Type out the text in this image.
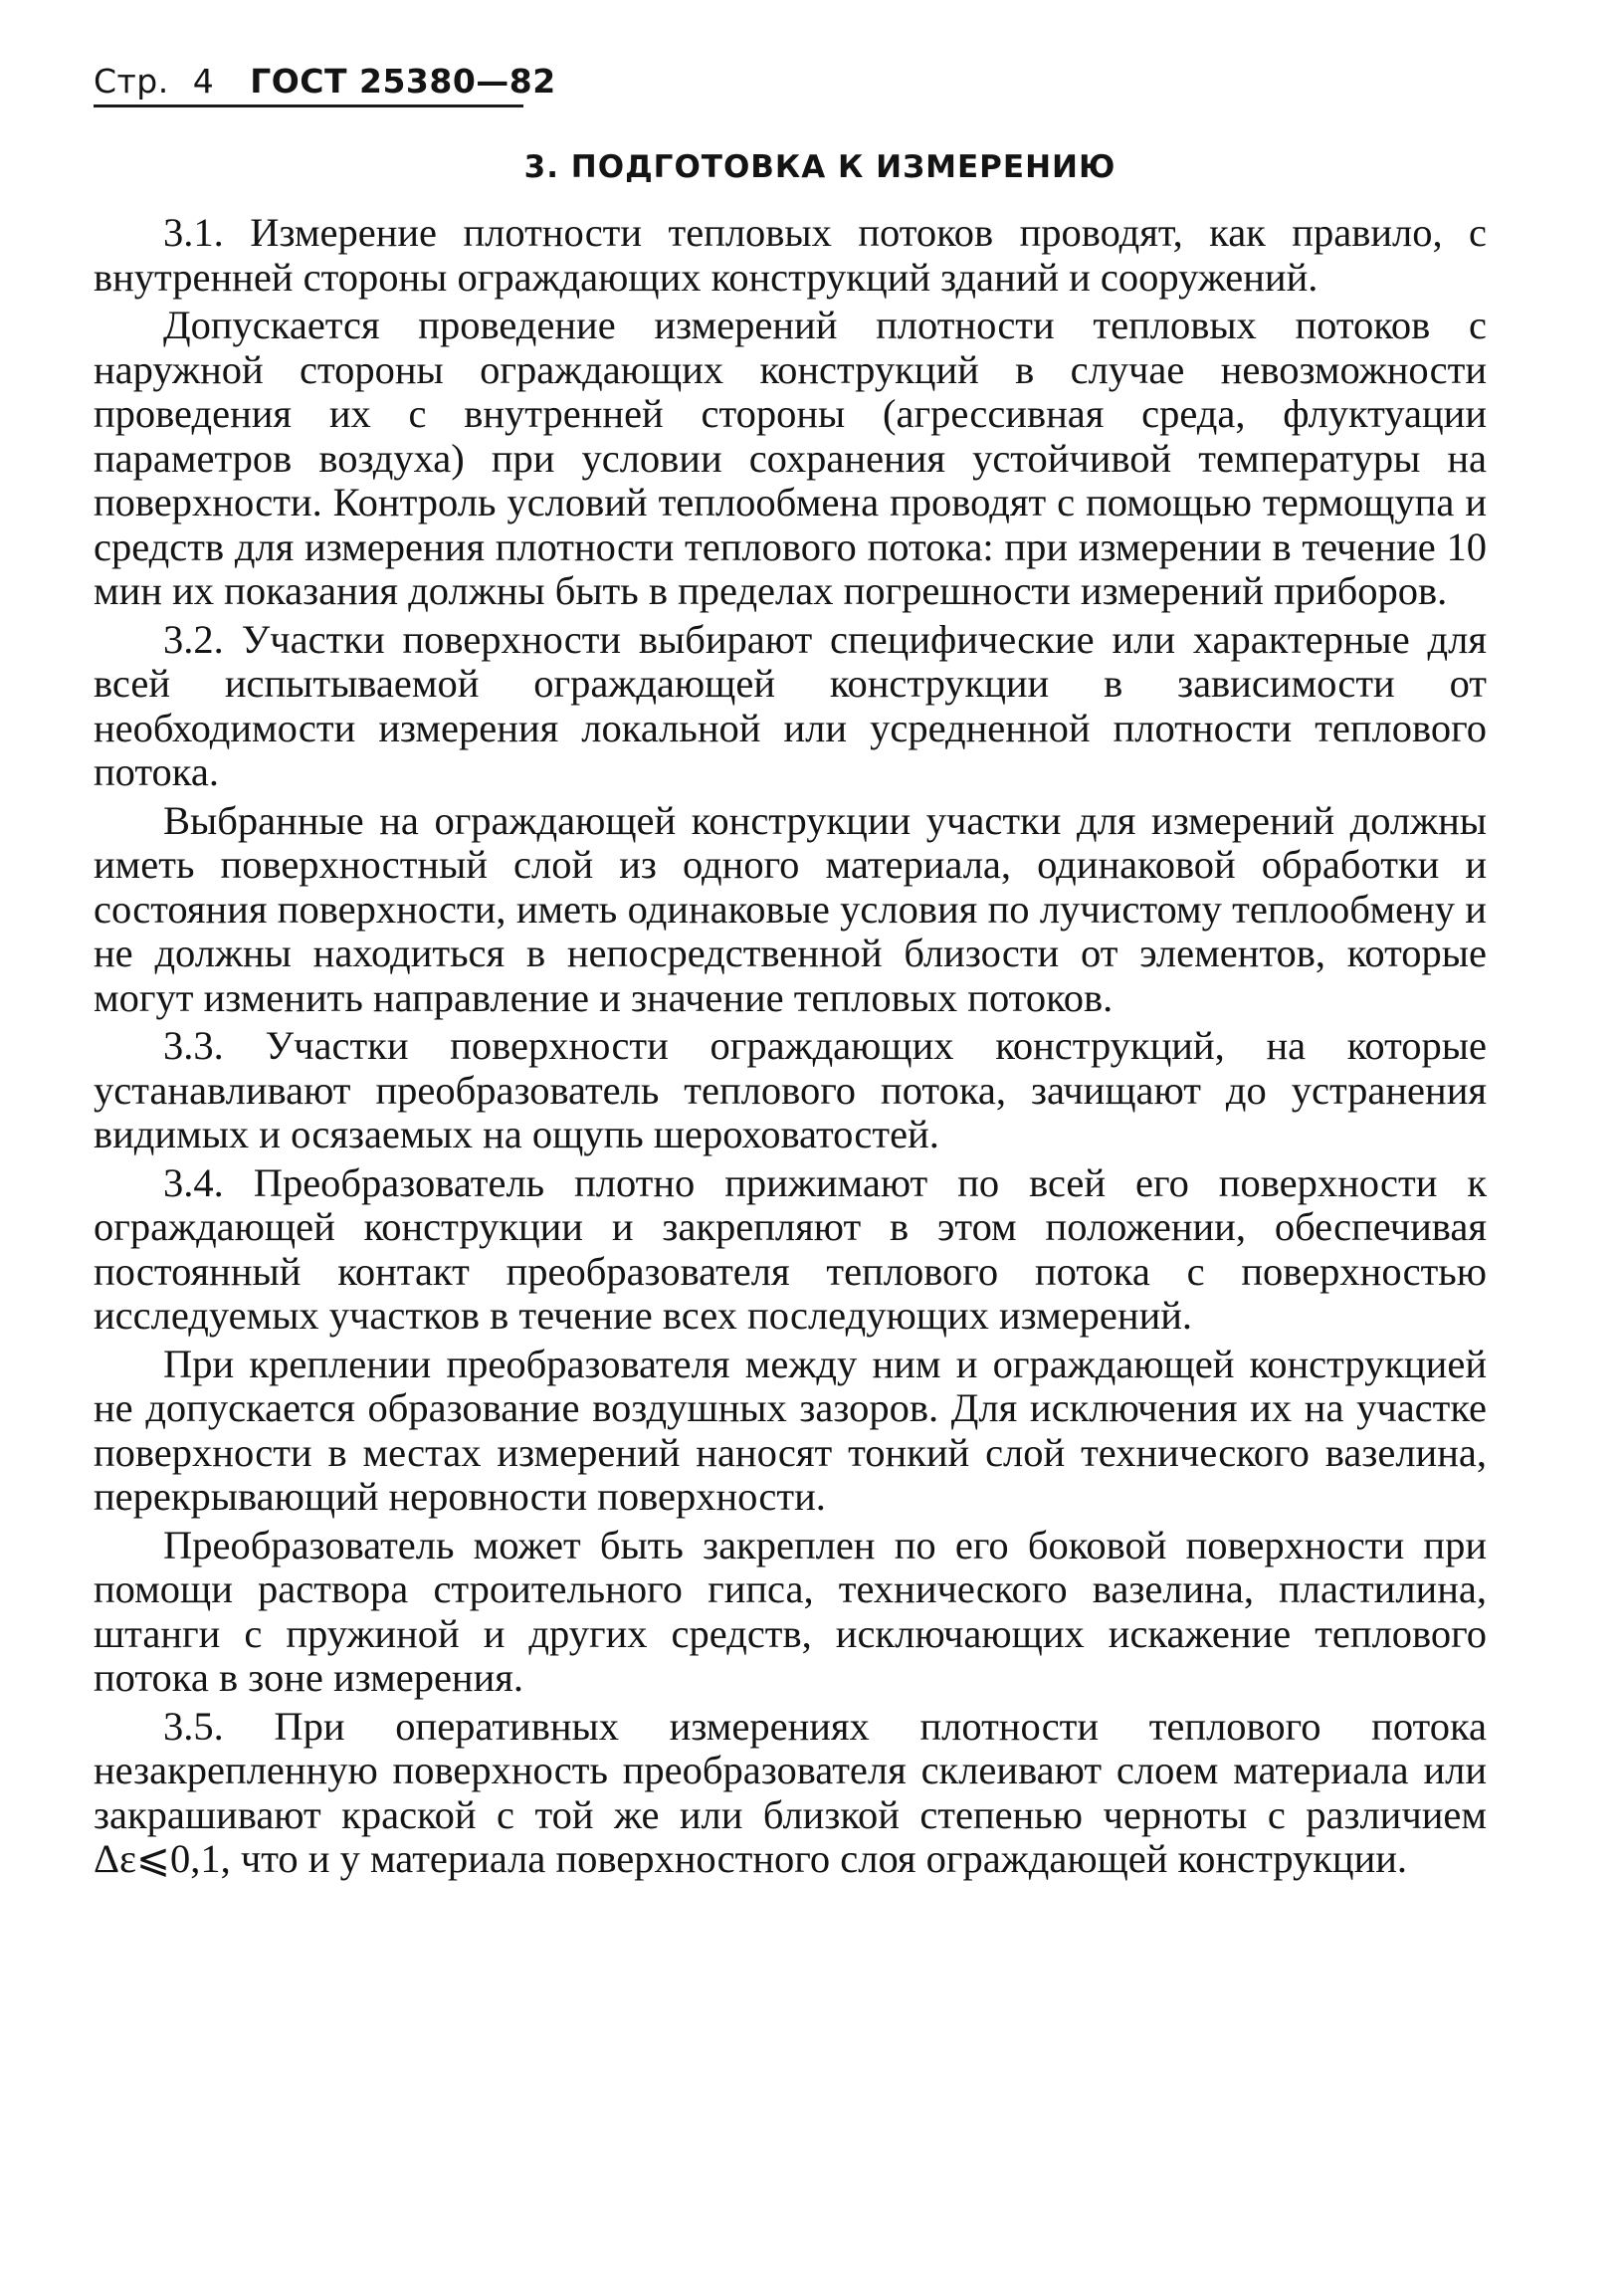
Стр. 4 ГОСТ 25380—82
3. ПОДГОТОВКА К ИЗМЕРЕНИЮ

3.1. Измерение плотности тепловых потоков проводят, как правило, с внутренней стороны ограждающих конструкций зданий и сооружений.

Допускается проведение измерений плотности тепловых потоков с наружной стороны ограждающих конструкций в случае невозможности проведения их с внутренней стороны (агрессивная среда, флуктуации параметров воздуха) при условии сохранения устойчивой температуры на поверхности. Контроль условий теплообмена проводят с помощью термощупа и средств для измерения плотности теплового потока: при измерении в течение 10 мин их показания должны быть в пределах погрешности измерений приборов.

3.2. Участки поверхности выбирают специфические или характерные для всей испытываемой ограждающей конструкции в зависимости от необходимости измерения локальной или усредненной плотности теплового потока.

Выбранные на ограждающей конструкции участки для измерений должны иметь поверхностный слой из одного материала, одинаковой обработки и состояния поверхности, иметь одинаковые условия по лучистому теплообмену и не должны находиться в непосредственной близости от элементов, которые могут изменить направление и значение тепловых потоков.

3.3. Участки поверхности ограждающих конструкций, на которые устанавливают преобразователь теплового потока, зачищают до устранения видимых и осязаемых на ощупь шероховатостей.

3.4. Преобразователь плотно прижимают по всей его поверхности к ограждающей конструкции и закрепляют в этом положении, обеспечивая постоянный контакт преобразователя теплового потока с поверхностью исследуемых участков в течение всех последующих измерений.

При креплении преобразователя между ним и ограждающей конструкцией не допускается образование воздушных зазоров. Для исключения их на участке поверхности в местах измерений наносят тонкий слой технического вазелина, перекрывающий неровности поверхности.

Преобразователь может быть закреплен по его боковой поверхности при помощи раствора строительного гипса, технического вазелина, пластилина, штанги с пружиной и других средств, исключающих искажение теплового потока в зоне измерения.

3.5. При оперативных измерениях плотности теплового потока незакрепленную поверхность преобразователя склеивают слоем материала или закрашивают краской с той же или близкой степенью черноты с различием Δε⩽0,1, что и у материала поверхностного слоя ограждающей конструкции.
